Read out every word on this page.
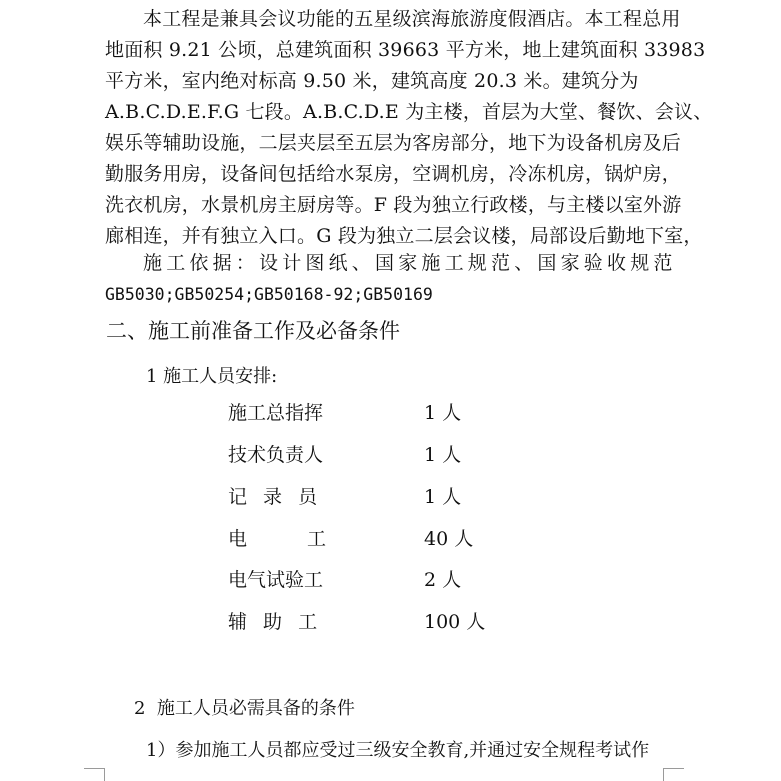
本工程是兼具会议功能的五星级滨海旅游度假酒店。本工程总用
地面积 9.21 公顷，总建筑面积 39663 平方米，地上建筑面积 33983
平方米，室内绝对标高 9.50 米，建筑高度 20.3 米。建筑分为
A.B.C.D.E.F.G 七段。A.B.C.D.E 为主楼，首层为大堂、餐饮、会议、
娱乐等辅助设施，二层夹层至五层为客房部分，地下为设备机房及后
勤服务用房，设备间包括给水泵房，空调机房，冷冻机房，锅炉房，
洗衣机房，水景机房主厨房等。F 段为独立行政楼，与主楼以室外游
廊相连，并有独立入口。G 段为独立二层会议楼，局部设后勤地下室，
施工依据：设计图纸、国家施工规范、国家验收规范
GB5030;GB50254;GB50168-92;GB50169
二、施工前准备工作及必备条件
1 施工人员安排:
施工总指挥	1 人
技术负责人	1 人
记 录 员	1 人
电 工	40 人
电气试验工	2 人
辅 助 工	100 人
2  施工人员必需具备的条件
1）参加施工人员都应受过三级安全教育,并通过安全规程考试作
